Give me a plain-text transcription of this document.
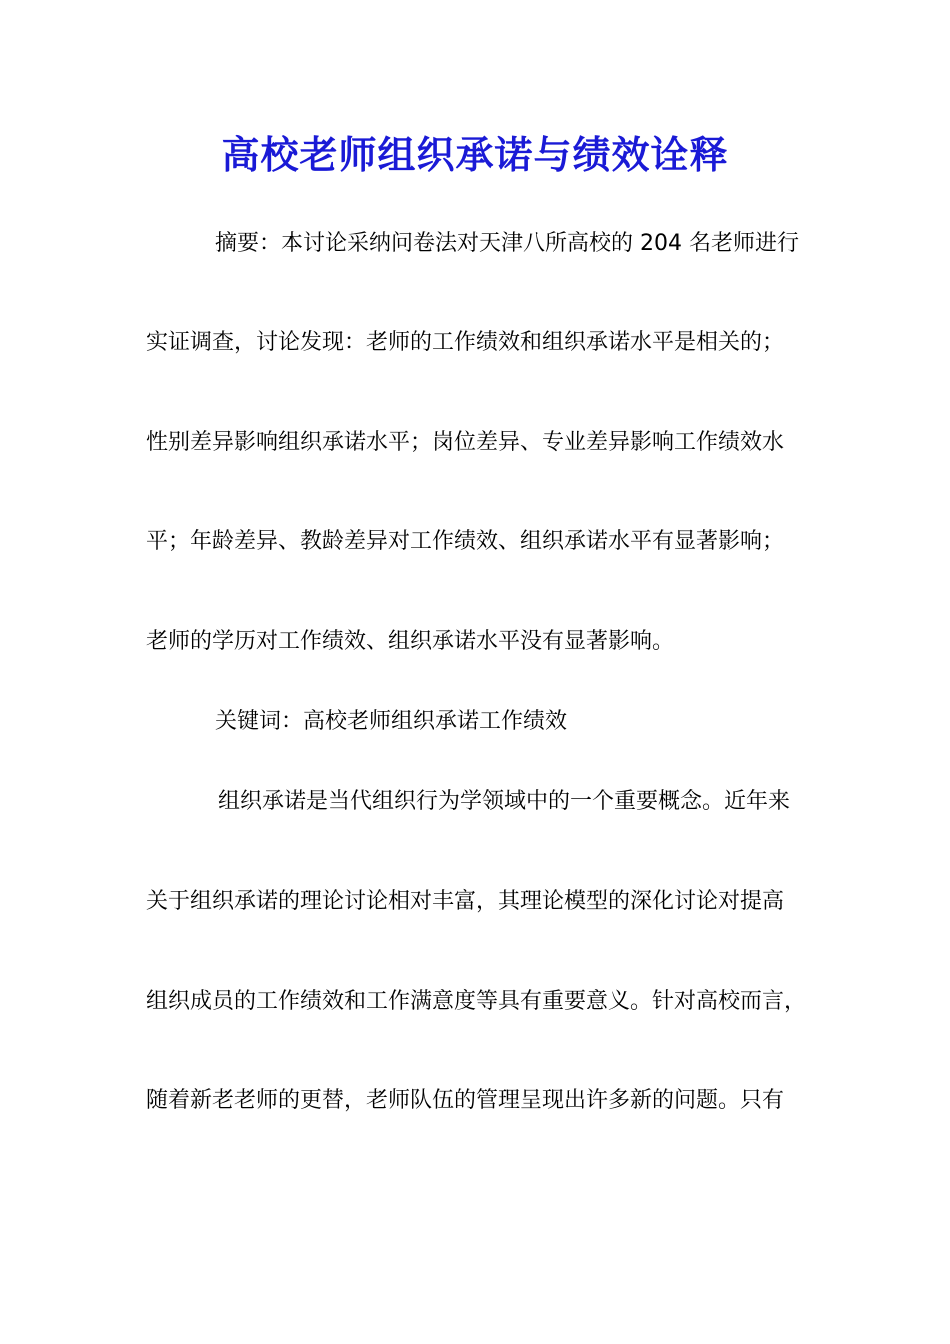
高校老师组织承诺与绩效诠释
摘要：本讨论采纳问卷法对天津八所高校的 204 名老师进行
实证调查，讨论发现：老师的工作绩效和组织承诺水平是相关的；
性别差异影响组织承诺水平；岗位差异、专业差异影响工作绩效水
平；年龄差异、教龄差异对工作绩效、组织承诺水平有显著影响；
老师的学历对工作绩效、组织承诺水平没有显著影响。
关键词：高校老师组织承诺工作绩效
组织承诺是当代组织行为学领域中的一个重要概念。近年来
关于组织承诺的理论讨论相对丰富，其理论模型的深化讨论对提高
组织成员的工作绩效和工作满意度等具有重要意义。针对高校而言，
随着新老老师的更替，老师队伍的管理呈现出许多新的问题。只有
